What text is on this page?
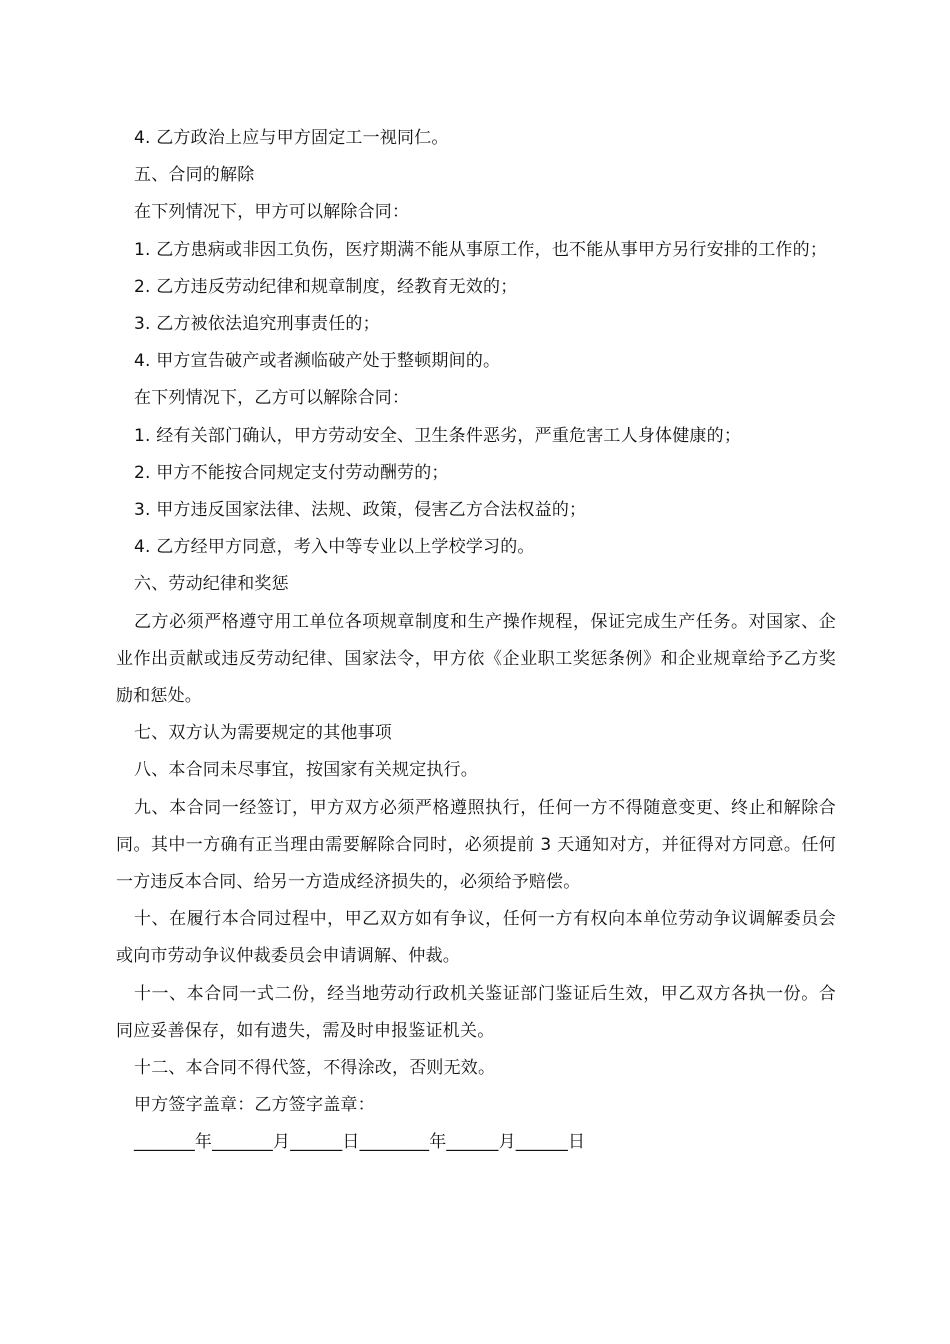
4. 乙方政治上应与甲方固定工一视同仁。

五、合同的解除

在下列情况下，甲方可以解除合同：

1. 乙方患病或非因工负伤，医疗期满不能从事原工作，也不能从事甲方另行安排的工作的；

2. 乙方违反劳动纪律和规章制度，经教育无效的；

3. 乙方被依法追究刑事责任的；

4. 甲方宣告破产或者濒临破产处于整顿期间的。

在下列情况下，乙方可以解除合同：

1. 经有关部门确认，甲方劳动安全、卫生条件恶劣，严重危害工人身体健康的；

2. 甲方不能按合同规定支付劳动酬劳的；

3. 甲方违反国家法律、法规、政策，侵害乙方合法权益的；

4. 乙方经甲方同意，考入中等专业以上学校学习的。

六、劳动纪律和奖惩

乙方必须严格遵守用工单位各项规章制度和生产操作规程，保证完成生产任务。对国家、企业作出贡献或违反劳动纪律、国家法令，甲方依《企业职工奖惩条例》和企业规章给予乙方奖励和惩处。

七、双方认为需要规定的其他事项

八、本合同未尽事宜，按国家有关规定执行。

九、本合同一经签订，甲方双方必须严格遵照执行，任何一方不得随意变更、终止和解除合同。其中一方确有正当理由需要解除合同时，必须提前 3 天通知对方，并征得对方同意。任何一方违反本合同、给另一方造成经济损失的，必须给予赔偿。

十、在履行本合同过程中，甲乙双方如有争议，任何一方有权向本单位劳动争议调解委员会或向市劳动争议仲裁委员会申请调解、仲裁。

十一、本合同一式二份，经当地劳动行政机关鉴证部门鉴证后生效，甲乙双方各执一份。合同应妥善保存，如有遗失，需及时申报鉴证机关。

十二、本合同不得代签，不得涂改，否则无效。

甲方签字盖章：乙方签字盖章：

_______年_______月______日________年______月______日
